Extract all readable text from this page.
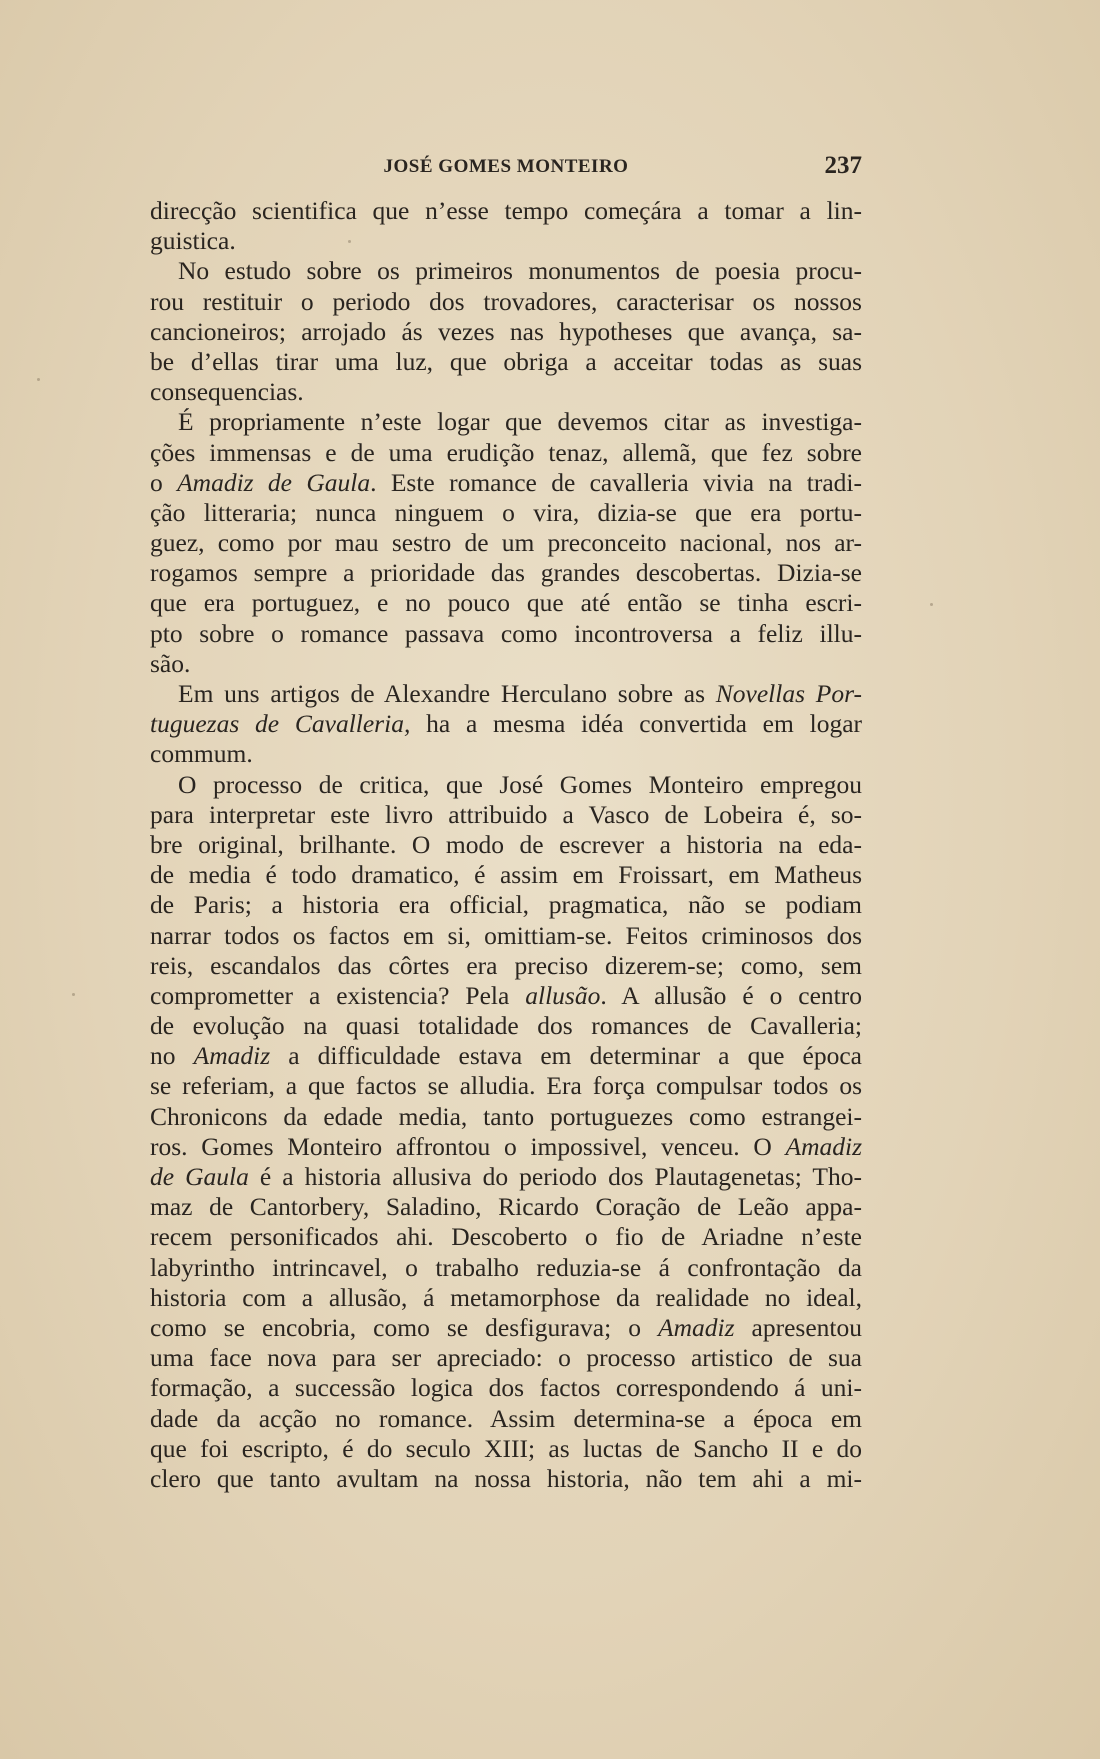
JOSÉ GOMES MONTEIRO	237
direcção scientifica que n’esse tempo começára a tomar a lin-
guistica.
No estudo sobre os primeiros monumentos de poesia procu-
rou restituir o periodo dos trovadores, caracterisar os nossos
cancioneiros; arrojado ás vezes nas hypotheses que avança, sa-
be d’ellas tirar uma luz, que obriga a acceitar todas as suas
consequencias.
É propriamente n’este logar que devemos citar as investiga-
ções immensas e de uma erudição tenaz, allemã, que fez sobre
o Amadiz de Gaula. Este romance de cavalleria vivia na tradi-
ção litteraria; nunca ninguem o vira, dizia-se que era portu-
guez, como por mau sestro de um preconceito nacional, nos ar-
rogamos sempre a prioridade das grandes descobertas. Dizia-se
que era portuguez, e no pouco que até então se tinha escri-
pto sobre o romance passava como incontroversa a feliz illu-
são.
Em uns artigos de Alexandre Herculano sobre as Novellas Por-
tuguezas de Cavalleria, ha a mesma idéa convertida em logar
commum.
O processo de critica, que José Gomes Monteiro empregou
para interpretar este livro attribuido a Vasco de Lobeira é, so-
bre original, brilhante. O modo de escrever a historia na eda-
de media é todo dramatico, é assim em Froissart, em Matheus
de Paris; a historia era official, pragmatica, não se podiam
narrar todos os factos em si, omittiam-se. Feitos criminosos dos
reis, escandalos das côrtes era preciso dizerem-se; como, sem
comprometter a existencia? Pela allusão. A allusão é o centro
de evolução na quasi totalidade dos romances de Cavalleria;
no Amadiz a difficuldade estava em determinar a que época
se referiam, a que factos se alludia. Era força compulsar todos os
Chronicons da edade media, tanto portuguezes como estrangei-
ros. Gomes Monteiro affrontou o impossivel, venceu. O Amadiz
de Gaula é a historia allusiva do periodo dos Plautagenetas; Tho-
maz de Cantorbery, Saladino, Ricardo Coração de Leão appa-
recem personificados ahi. Descoberto o fio de Ariadne n’este
labyrintho intrincavel, o trabalho reduzia-se á confrontação da
historia com a allusão, á metamorphose da realidade no ideal,
como se encobria, como se desfigurava; o Amadiz apresentou
uma face nova para ser apreciado: o processo artistico de sua
formação, a successão logica dos factos correspondendo á uni-
dade da acção no romance. Assim determina-se a época em
que foi escripto, é do seculo XIII; as luctas de Sancho II e do
clero que tanto avultam na nossa historia, não tem ahi a mi-
